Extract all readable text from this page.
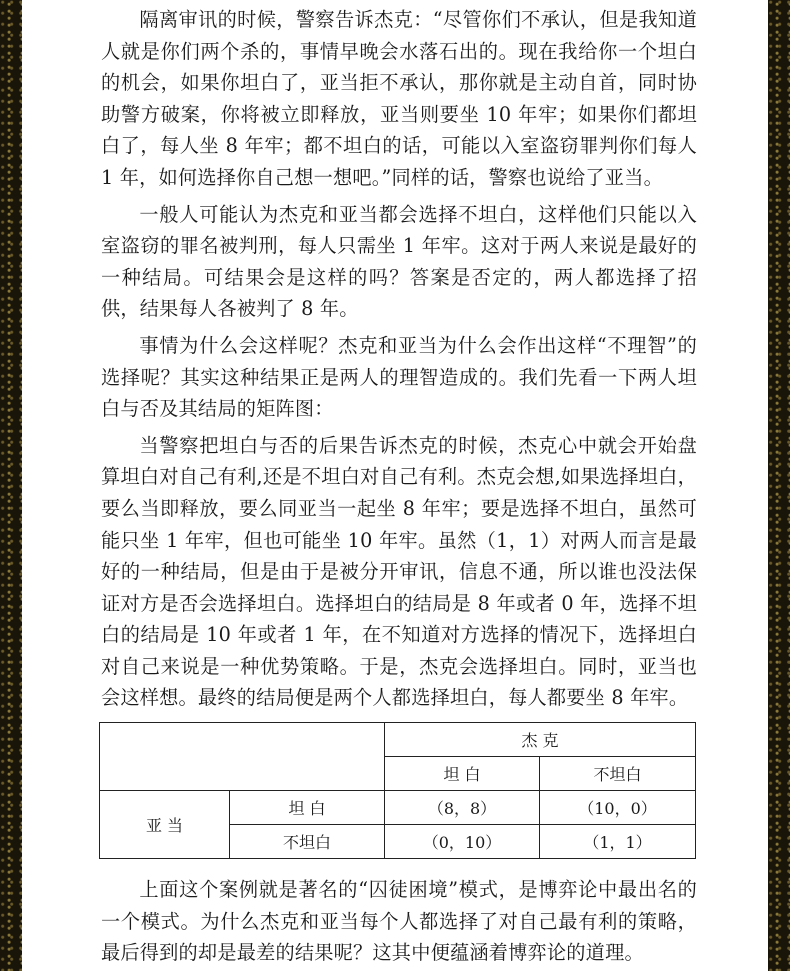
隔离审讯的时候，警察告诉杰克：“尽管你们不承认，但是我知道人就是你们两个杀的，事情早晚会水落石出的。现在我给你一个坦白的机会，如果你坦白了，亚当拒不承认，那你就是主动自首，同时协助警方破案，你将被立即释放，亚当则要坐 10 年牢；如果你们都坦白了，每人坐 8 年牢；都不坦白的话，可能以入室盗窃罪判你们每人 1 年，如何选择你自己想一想吧。”同样的话，警察也说给了亚当。

一般人可能认为杰克和亚当都会选择不坦白，这样他们只能以入室盗窃的罪名被判刑，每人只需坐 1 年牢。这对于两人来说是最好的一种结局。可结果会是这样的吗？答案是否定的，两人都选择了招供，结果每人各被判了 8 年。

事情为什么会这样呢？杰克和亚当为什么会作出这样“不理智”的选择呢？其实这种结果正是两人的理智造成的。我们先看一下两人坦白与否及其结局的矩阵图：

当警察把坦白与否的后果告诉杰克的时候，杰克心中就会开始盘算坦白对自己有利,还是不坦白对自己有利。杰克会想,如果选择坦白，要么当即释放，要么同亚当一起坐 8 年牢；要是选择不坦白，虽然可能只坐 1 年牢，但也可能坐 10 年牢。虽然（1，1）对两人而言是最好的一种结局，但是由于是被分开审讯，信息不通，所以谁也没法保证对方是否会选择坦白。选择坦白的结局是 8 年或者 0 年，选择不坦白的结局是 10 年或者 1 年，在不知道对方选择的情况下，选择坦白对自己来说是一种优势策略。于是，杰克会选择坦白。同时，亚当也会这样想。最终的结局便是两个人都选择坦白，每人都要坐 8 年牢。

		杰 克	
		坦 白	不坦白
亚 当	坦 白	（8，8）	（10，0）
	不坦白	（0，10）	（1，1）

上面这个案例就是著名的“囚徒困境”模式，是博弈论中最出名的一个模式。为什么杰克和亚当每个人都选择了对自己最有利的策略，最后得到的却是最差的结果呢？这其中便蕴涵着博弈论的道理。
